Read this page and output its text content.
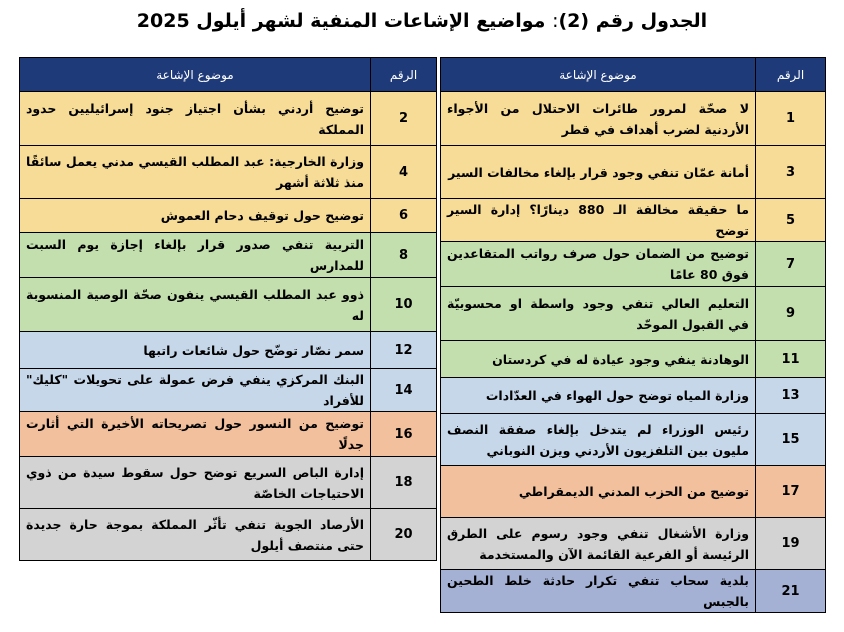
الجدول رقم (2): مواضيع الإشاعات المنفية لشهر أيلول 2025
الرقم	موضوع الإشاعة
1	لا صحّة لمرور طائرات الاحتلال من الأجواء الأردنية لضرب أهداف في قطر
3	أمانة عمّان تنفي وجود قرار بإلغاء مخالفات السير
5	ما حقيقة مخالفة الـ 880 دينارًا؟ إدارة السير توضح
7	توضيح من الضمان حول صرف رواتب المتقاعدين فوق 80 عامًا
9	التعليم العالي تنفي وجود واسطة او محسوبيّة في القبول الموحّد
11	الوهادنة ينفي وجود عيادة له في كردستان
13	وزارة المياه توضح حول الهواء في العدّادات
15	رئيس الوزراء لم يتدخل بإلغاء صفقة النصف مليون بين التلفزيون الأردني ويزن النوباني
17	توضيح من الحزب المدني الديمقراطي
19	وزارة الأشغال تنفي وجود رسوم على الطرق الرئيسة أو الفرعية القائمة الآن والمستخدمة
21	بلدية سحاب تنفي تكرار حادثة خلط الطحين بالجبس
الرقم	موضوع الإشاعة
2	توضيح أردني بشأن اجتياز جنود إسرائيليين حدود المملكة
4	وزارة الخارجية: عبد المطلب القيسي مدني يعمل سائقًا منذ ثلاثة أشهر
6	توضيح حول توقيف دحام العموش
8	التربية تنفي صدور قرار بإلغاء إجازة يوم السبت للمدارس
10	ذوو عبد المطلب القيسي ينفون صحّة الوصية المنسوبة له
12	سمر نصّار توضّح حول شائعات راتبها
14	البنك المركزي ينفي فرض عمولة على تحويلات "كليك" للأفراد
16	توضيح من النسور حول تصريحاته الأخيرة التي أثارت جدلًا
18	إدارة الباص السريع توضح حول سقوط سيدة من ذوي الاحتياجات الخاصّة
20	الأرصاد الجوية تنفي تأثّر المملكة بموجة حارة جديدة حتى منتصف أيلول
